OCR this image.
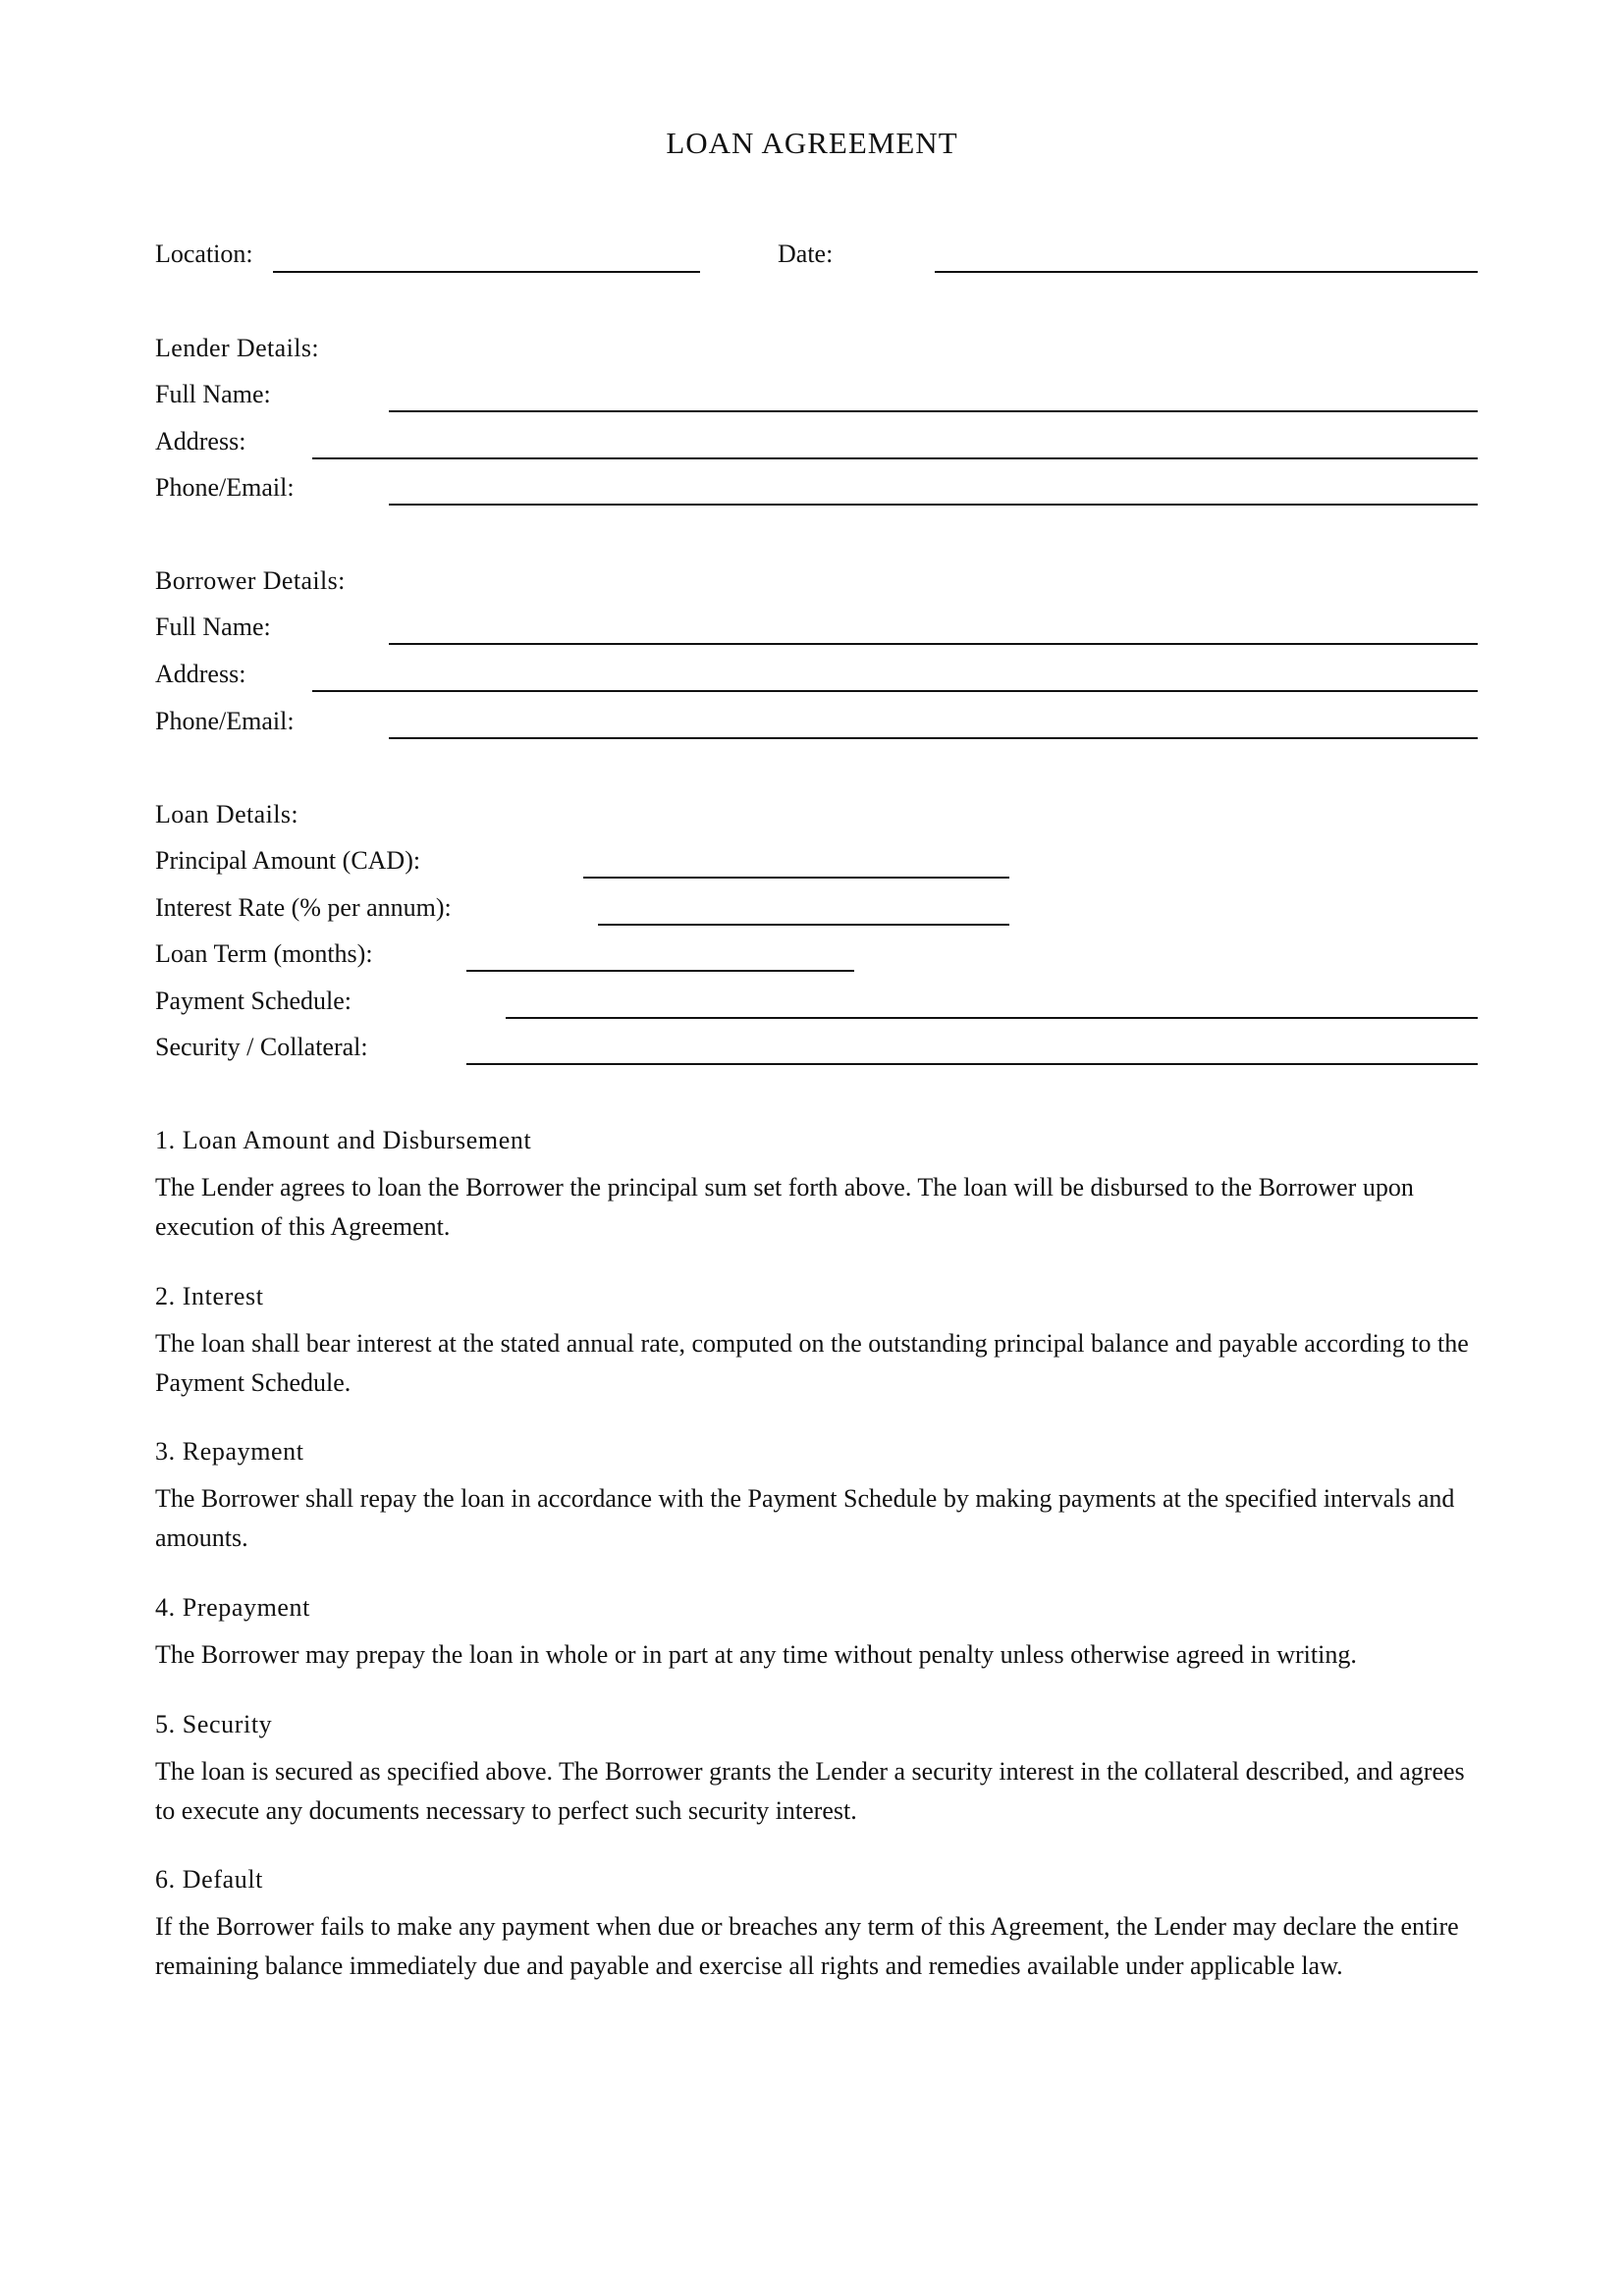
LOAN AGREEMENT
Location:	Date:
Lender Details:
Full Name:
Address:
Phone/Email:
Borrower Details:
Full Name:
Address:
Phone/Email:
Loan Details:
Principal Amount (CAD):
Interest Rate (% per annum):
Loan Term (months):
Payment Schedule:
Security / Collateral:
1. Loan Amount and Disbursement
The Lender agrees to loan the Borrower the principal sum set forth above. The loan will be disbursed to the Borrower upon execution of this Agreement.
2. Interest
The loan shall bear interest at the stated annual rate, computed on the outstanding principal balance and payable according to the Payment Schedule.
3. Repayment
The Borrower shall repay the loan in accordance with the Payment Schedule by making payments at the specified intervals and amounts.
4. Prepayment
The Borrower may prepay the loan in whole or in part at any time without penalty unless otherwise agreed in writing.
5. Security
The loan is secured as specified above. The Borrower grants the Lender a security interest in the collateral described, and agrees to execute any documents necessary to perfect such security interest.
6. Default
If the Borrower fails to make any payment when due or breaches any term of this Agreement, the Lender may declare the entire remaining balance immediately due and payable and exercise all rights and remedies available under applicable law.
